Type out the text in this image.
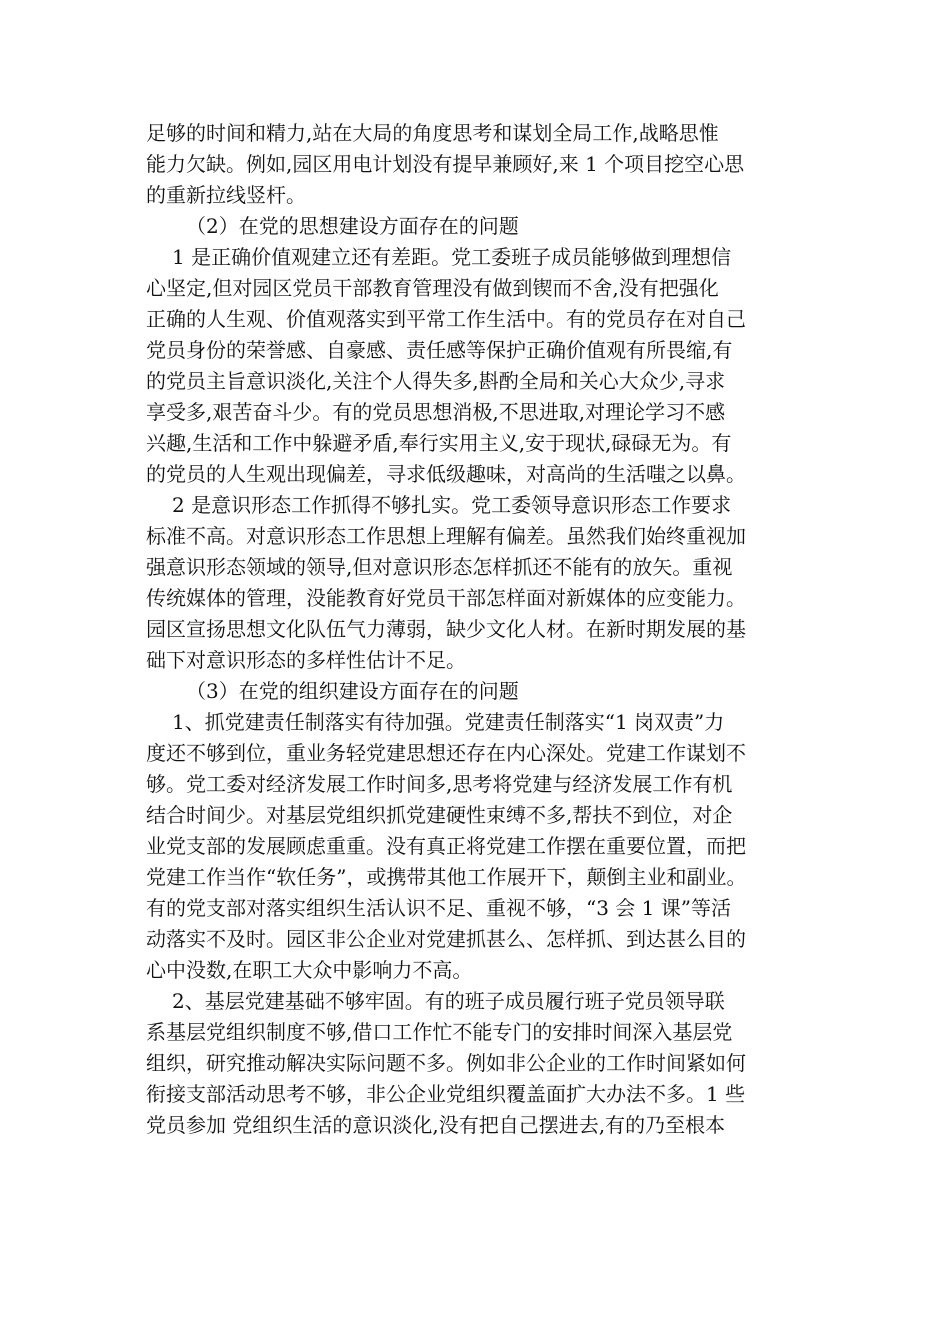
足够的时间和精力,站在大局的角度思考和谋划全局工作,战略思惟
能力欠缺。例如,园区用电计划没有提早兼顾好,来 1 个项目挖空心思
的重新拉线竖杆。
（2）在党的思想建设方面存在的问题
1 是正确价值观建立还有差距。党工委班子成员能够做到理想信
心坚定,但对园区党员干部教育管理没有做到锲而不舍,没有把强化
正确的人生观、价值观落实到平常工作生活中。有的党员存在对自己
党员身份的荣誉感、自豪感、责任感等保护正确价值观有所畏缩,有
的党员主旨意识淡化,关注个人得失多,斟酌全局和关心大众少,寻求
享受多,艰苦奋斗少。有的党员思想消极,不思进取,对理论学习不感
兴趣,生活和工作中躲避矛盾,奉行实用主义,安于现状,碌碌无为。有
的党员的人生观出现偏差，寻求低级趣味，对高尚的生活嗤之以鼻。
2 是意识形态工作抓得不够扎实。党工委领导意识形态工作要求
标准不高。对意识形态工作思想上理解有偏差。虽然我们始终重视加
强意识形态领域的领导,但对意识形态怎样抓还不能有的放矢。重视
传统媒体的管理，没能教育好党员干部怎样面对新媒体的应变能力。
园区宣扬思想文化队伍气力薄弱，缺少文化人材。在新时期发展的基
础下对意识形态的多样性估计不足。
（3）在党的组织建设方面存在的问题
1、抓党建责任制落实有待加强。党建责任制落实“1 岗双责”力
度还不够到位，重业务轻党建思想还存在内心深处。党建工作谋划不
够。党工委对经济发展工作时间多,思考将党建与经济发展工作有机
结合时间少。对基层党组织抓党建硬性束缚不多,帮扶不到位，对企
业党支部的发展顾虑重重。没有真正将党建工作摆在重要位置，而把
党建工作当作“软任务”，或携带其他工作展开下，颠倒主业和副业。
有的党支部对落实组织生活认识不足、重视不够，“3 会 1 课”等活
动落实不及时。园区非公企业对党建抓甚么、怎样抓、到达甚么目的
心中没数,在职工大众中影响力不高。
2、基层党建基础不够牢固。有的班子成员履行班子党员领导联
系基层党组织制度不够,借口工作忙不能专门的安排时间深入基层党
组织，研究推动解决实际问题不多。例如非公企业的工作时间紧如何
衔接支部活动思考不够，非公企业党组织覆盖面扩大办法不多。1 些
党员参加 党组织生活的意识淡化,没有把自己摆进去,有的乃至根本
